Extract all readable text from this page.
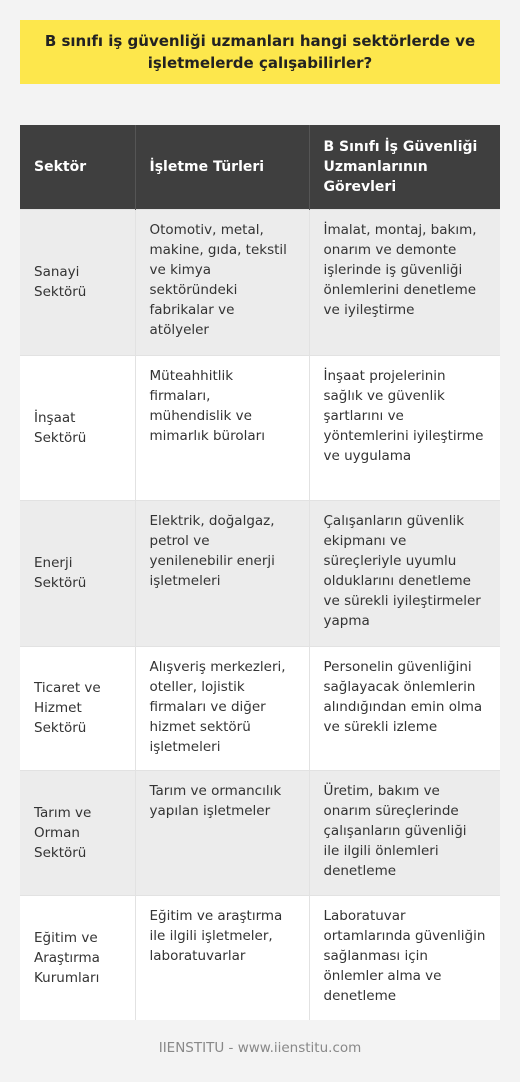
B sınıfı iş güvenliği uzmanları hangi sektörlerde ve işletmelerde çalışabilirler?
Sektör	İşletme Türleri	B Sınıfı İş Güvenliği Uzmanlarının Görevleri
Sanayi Sektörü	Otomotiv, metal, makine, gıda, tekstil ve kimya sektöründeki fabrikalar ve atölyeler	İmalat, montaj, bakım, onarım ve demonte işlerinde iş güvenliği önlemlerini denetleme ve iyileştirme
İnşaat Sektörü	Müteahhitlik firmaları, mühendislik ve mimarlık büroları	İnşaat projelerinin sağlık ve güvenlik şartlarını ve yöntemlerini iyileştirme ve uygulama
Enerji Sektörü	Elektrik, doğalgaz, petrol ve yenilenebilir enerji işletmeleri	Çalışanların güvenlik ekipmanı ve süreçleriyle uyumlu olduklarını denetleme ve sürekli iyileştirmeler yapma
Ticaret ve Hizmet Sektörü	Alışveriş merkezleri, oteller, lojistik firmaları ve diğer hizmet sektörü işletmeleri	Personelin güvenliğini sağlayacak önlemlerin alındığından emin olma ve sürekli izleme
Tarım ve Orman Sektörü	Tarım ve ormancılık yapılan işletmeler	Üretim, bakım ve onarım süreçlerinde çalışanların güvenliği ile ilgili önlemleri denetleme
Eğitim ve Araştırma Kurumları	Eğitim ve araştırma ile ilgili işletmeler, laboratuvarlar	Laboratuvar ortamlarında güvenliğin sağlanması için önlemler alma ve denetleme
IIENSTITU - www.iienstitu.com
